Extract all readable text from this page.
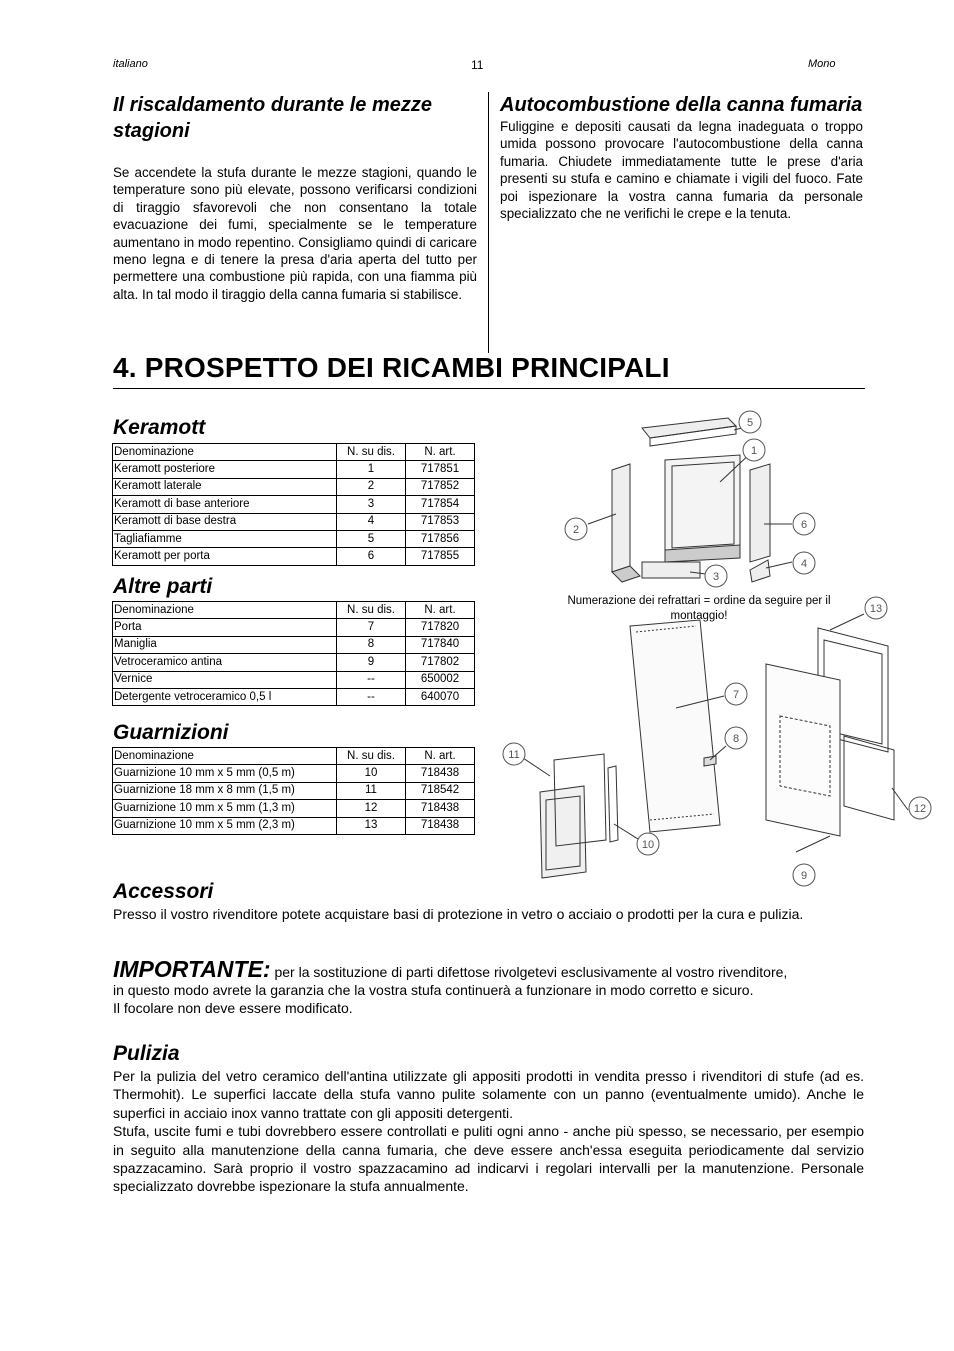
italiano	11	Mono
Il riscaldamento durante le mezze stagioni

Se accendete la stufa durante le mezze stagioni, quando le temperature sono più elevate, possono verificarsi condizioni di tiraggio sfavorevoli che non consentano la totale evacuazione dei fumi, specialmente se le temperature aumentano in modo repentino. Consigliamo quindi di caricare meno legna e di tenere la presa d'aria aperta del tutto per permettere una combustione più rapida, con una fiamma più alta. In tal modo il tiraggio della canna fumaria si stabilisce.

Autocombustione della canna fumaria

Fuliggine e depositi causati da legna inadeguata o troppo umida possono provocare l'autocombustione della canna fumaria. Chiudete immediatamente tutte le prese d'aria presenti su stufa e camino e chiamate i vigili del fuoco. Fate poi ispezionare la vostra canna fumaria da personale specializzato che ne verifichi le crepe e la tenuta.

4. PROSPETTO DEI RICAMBI PRINCIPALI
Keramott
Denominazione	N. su dis.	N. art.
Keramott posteriore	1	717851
Keramott laterale	2	717852
Keramott di base anteriore	3	717854
Keramott di base destra	4	717853
Tagliafiamme	5	717856
Keramott per porta	6	717855
Altre parti
Denominazione	N. su dis.	N. art.
Porta	7	717820
Maniglia	8	717840
Vetroceramico antina	9	717802
Vernice	--	650002
Detergente vetroceramico 0,5 l	--	640070
Guarnizioni
Denominazione	N. su dis.	N. art.
Guarnizione 10 mm x 5 mm (0,5 m)	10	718438
Guarnizione 18 mm x 8 mm (1,5 m)	11	718542
Guarnizione 10 mm x 5 mm (1,3 m)	12	718438
Guarnizione 10 mm x 5 mm (2,3 m)	13	718438
5
1
2	6
3
4
7
8
9
10
11
12
13
Numerazione dei refrattari = ordine da seguire per il montaggio!
Accessori

Presso il vostro rivenditore potete acquistare basi di protezione in vetro o acciaio o prodotti per la cura e pulizia.

IMPORTANTE: per la sostituzione di parti difettose rivolgetevi esclusivamente al vostro rivenditore,
in questo modo avrete la garanzia che la vostra stufa continuerà a funzionare in modo corretto e sicuro.
Il focolare non deve essere modificato.
Pulizia

Per la pulizia del vetro ceramico dell'antina utilizzate gli appositi prodotti in vendita presso i rivenditori di stufe (ad es. Thermohit). Le superfici laccate della stufa vanno pulite solamente con un panno (eventualmente umido). Anche le superfici in acciaio inox vanno trattate con gli appositi detergenti.

Stufa, uscite fumi e tubi dovrebbero essere controllati e puliti ogni anno - anche più spesso, se necessario, per esempio in seguito alla manutenzione della canna fumaria, che deve essere anch'essa eseguita periodicamente dal servizio spazzacamino. Sarà proprio il vostro spazzacamino ad indicarvi i regolari intervalli per la manutenzione. Personale specializzato dovrebbe ispezionare la stufa annualmente.
